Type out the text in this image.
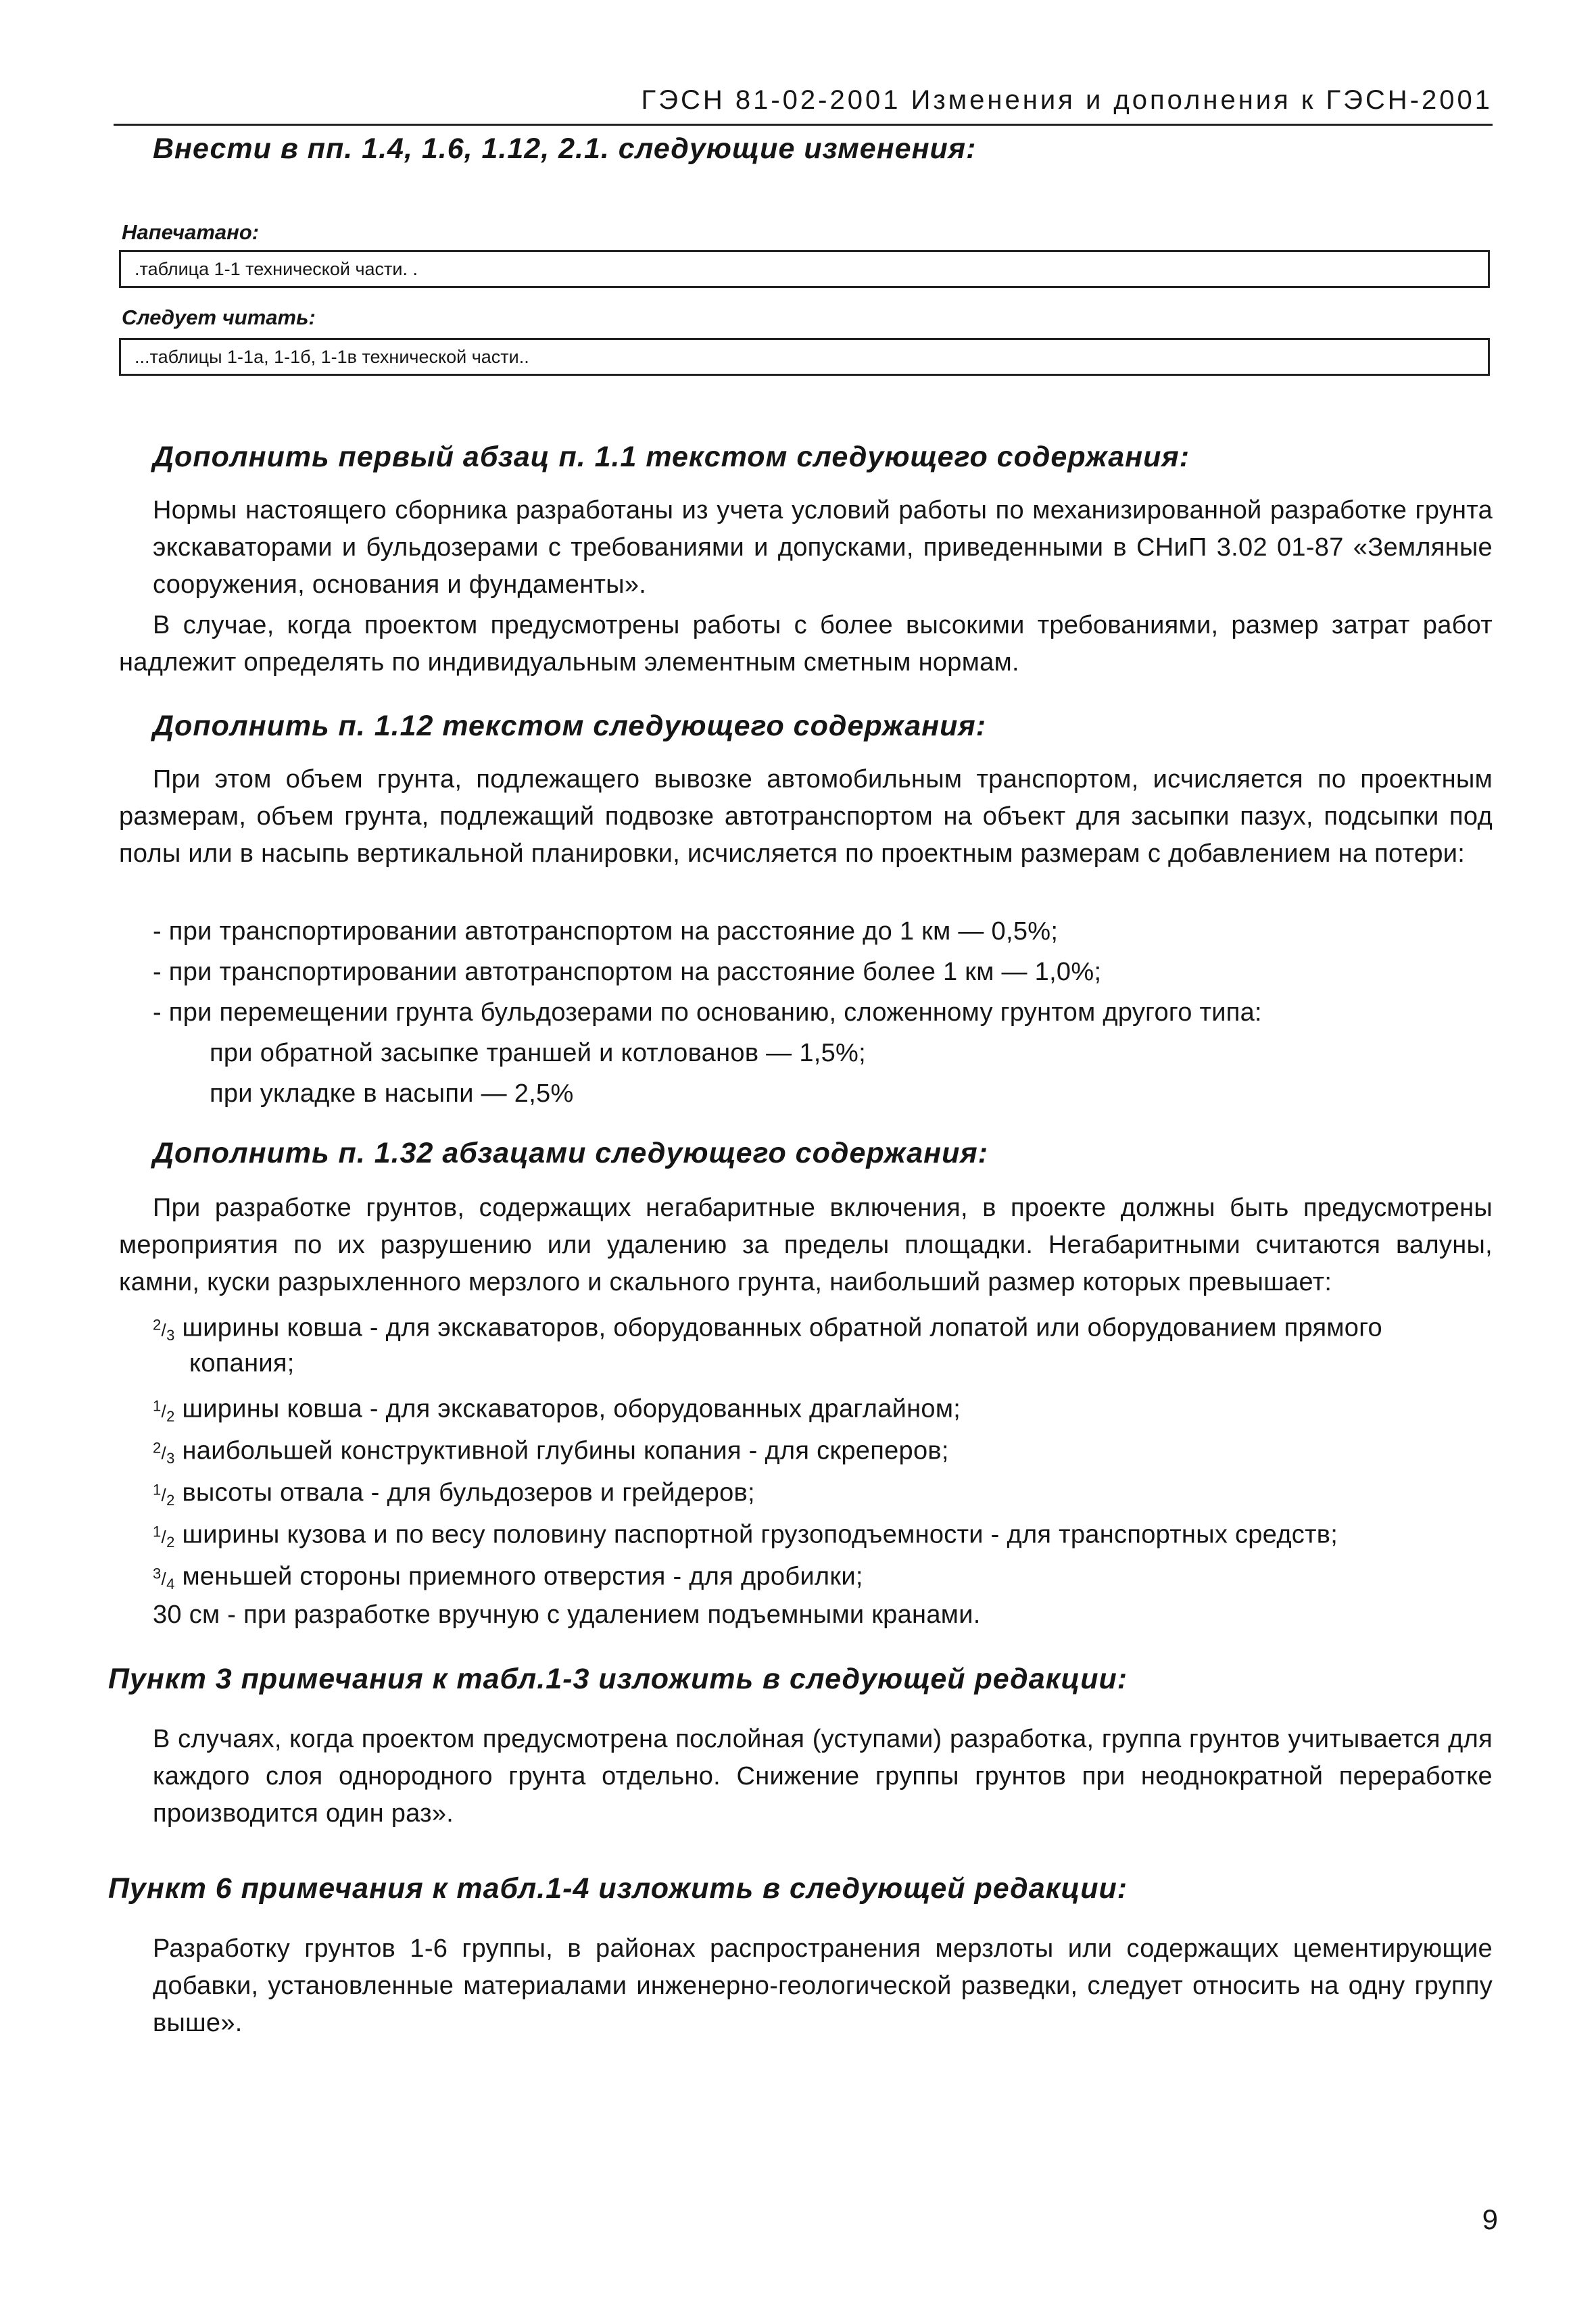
ГЭСН 81-02-2001 Изменения и дополнения к ГЭСН-2001
Внести в пп. 1.4, 1.6, 1.12, 2.1. следующие изменения:
Напечатано:
.таблица 1-1 технической части. .
Следует читать:
...таблицы 1-1а, 1-1б, 1-1в технической части..
Дополнить первый абзац п. 1.1 текстом следующего содержания:
Нормы настоящего сборника разработаны из учета условий работы по механизированной разработке грунта экскаваторами и бульдозерами с требованиями и допусками, приведенными в СНиП 3.02 01-87 «Земляные сооружения, основания и фундаменты».
В случае, когда проектом предусмотрены работы с более высокими требованиями, размер затрат работ надлежит определять по индивидуальным элементным сметным нормам.
Дополнить п. 1.12 текстом следующего содержания:
При этом объем грунта, подлежащего вывозке автомобильным транспортом, исчисляется по проектным размерам, объем грунта, подлежащий подвозке автотранспортом на объект для засыпки пазух, подсыпки под полы или в насыпь вертикальной планировки, исчисляется по проектным размерам с добавлением на потери:
- при транспортировании автотранспортом на расстояние до 1 км — 0,5%;
- при транспортировании автотранспортом на расстояние более 1 км — 1,0%;
- при перемещении грунта бульдозерами по основанию, сложенному грунтом другого типа:
при обратной засыпке траншей и котлованов — 1,5%;
при укладке в насыпи — 2,5%
Дополнить п. 1.32 абзацами следующего содержания:
При разработке грунтов, содержащих негабаритные включения, в проекте должны быть предусмотрены мероприятия по их разрушению или удалению за пределы площадки. Негабаритными считаются валуны, камни, куски разрыхленного мерзлого и скального грунта, наибольший размер которых превышает:
$^2/_3$ ширины ковша - для экскаваторов, оборудованных обратной лопатой или оборудованием прямого
копания;
$^1/_2$ ширины ковша - для экскаваторов, оборудованных драглайном;
$^2/_3$ наибольшей конструктивной глубины копания - для скреперов;
$^1/_2$ высоты отвала - для бульдозеров и грейдеров;
$^1/_2$ ширины кузова и по весу половину паспортной грузоподъемности - для транспортных средств;
$^3/_4$ меньшей стороны приемного отверстия - для дробилки;
30 см - при разработке вручную с удалением подъемными кранами.
Пункт 3 примечания к табл.1-3 изложить в следующей редакции:
В случаях, когда проектом предусмотрена послойная (уступами) разработка, группа грунтов учитывается для каждого слоя однородного грунта отдельно. Снижение группы грунтов при неоднократной переработке производится один раз».
Пункт 6 примечания к табл.1-4 изложить в следующей редакции:
Разработку грунтов 1-6 группы, в районах распространения мерзлоты или содержащих цементирующие добавки, установленные материалами инженерно-геологической разведки, следует относить на одну группу выше».
9
